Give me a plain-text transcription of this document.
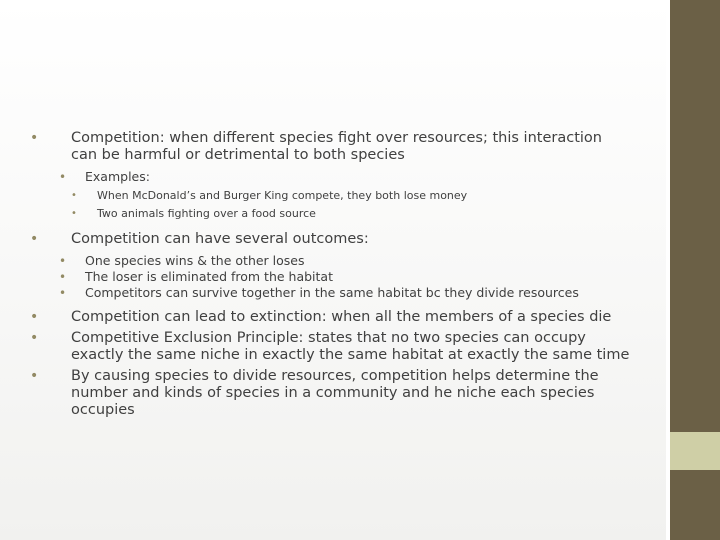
• Competition: when different species fight over resources; this interaction can be harmful or detrimental to both species
• Examples:
• When McDonald’s and Burger King compete, they both lose money
• Two animals fighting over a food source
• Competition can have several outcomes:
• One species wins & the other loses
• The loser is eliminated from the habitat
• Competitors can survive together in the same habitat bc they divide resources
• Competition can lead to extinction: when all the members of a species die
• Competitive Exclusion Principle: states that no two species can occupy exactly the same niche in exactly the same habitat at exactly the same time
• By causing species to divide resources, competition helps determine the number and kinds of species in a community and he niche each species occupies
